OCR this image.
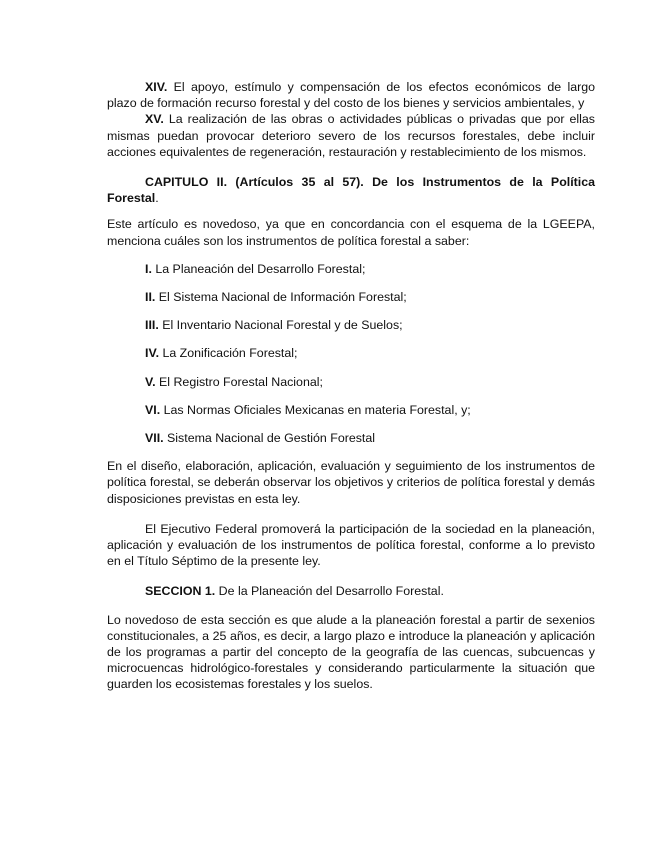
XIV. El apoyo, estímulo y compensación de los efectos económicos de largo plazo de formación recurso forestal y del costo de los bienes y servicios ambientales, y

XV. La realización de las obras o actividades públicas o privadas que por ellas mismas puedan provocar deterioro severo de los recursos forestales, debe incluir acciones equivalentes de regeneración, restauración y restablecimiento de los mismos.

CAPITULO II. (Artículos 35 al 57). De los Instrumentos de la Política Forestal.

Este artículo es novedoso, ya que en concordancia con el esquema de la LGEEPA, menciona cuáles son los instrumentos de política forestal a saber:

I. La Planeación del Desarrollo Forestal;

II. El Sistema Nacional de Información Forestal;

III. El Inventario Nacional Forestal y de Suelos;

IV. La Zonificación Forestal;

V. El Registro Forestal Nacional;

VI. Las Normas Oficiales Mexicanas en materia Forestal, y;

VII. Sistema Nacional de Gestión Forestal

En el diseño, elaboración, aplicación, evaluación y seguimiento de los instrumentos de política forestal, se deberán observar los objetivos y criterios de política forestal y demás disposiciones previstas en esta ley.

El Ejecutivo Federal promoverá la participación de la sociedad en la planeación, aplicación y evaluación de los instrumentos de política forestal, conforme a lo previsto en el Título Séptimo de la presente ley.

SECCION 1. De la Planeación del Desarrollo Forestal.

Lo novedoso de esta sección es que alude a la planeación forestal a partir de sexenios constitucionales, a 25 años, es decir, a largo plazo e introduce la planeación y aplicación de los programas a partir del concepto de la geografía de las cuencas, subcuencas y microcuencas hidrológico-forestales y considerando particularmente la situación que guarden los ecosistemas forestales y los suelos.
